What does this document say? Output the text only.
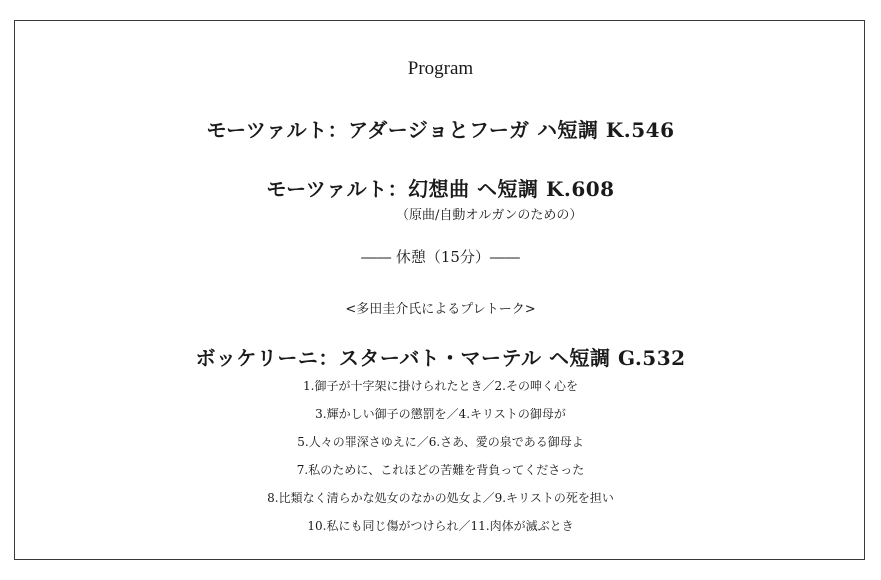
Program
モーツァルト：アダージョとフーガ ハ短調 K.546
モーツァルト：幻想曲 ヘ短調 K.608
（原曲/自動オルガンのための）
―― 休憩（15分）――
<多田圭介氏によるプレトーク>
ボッケリーニ：スターバト・マーテル ヘ短調 G.532
1.御子が十字架に掛けられたとき／2.その呻く心を
3.輝かしい御子の懲罰を／4.キリストの御母が
5.人々の罪深さゆえに／6.さあ、愛の泉である御母よ
7.私のために、これほどの苦難を背負ってくださった
8.比類なく清らかな処女のなかの処女よ／9.キリストの死を担い
10.私にも同じ傷がつけられ／11.肉体が滅ぶとき
